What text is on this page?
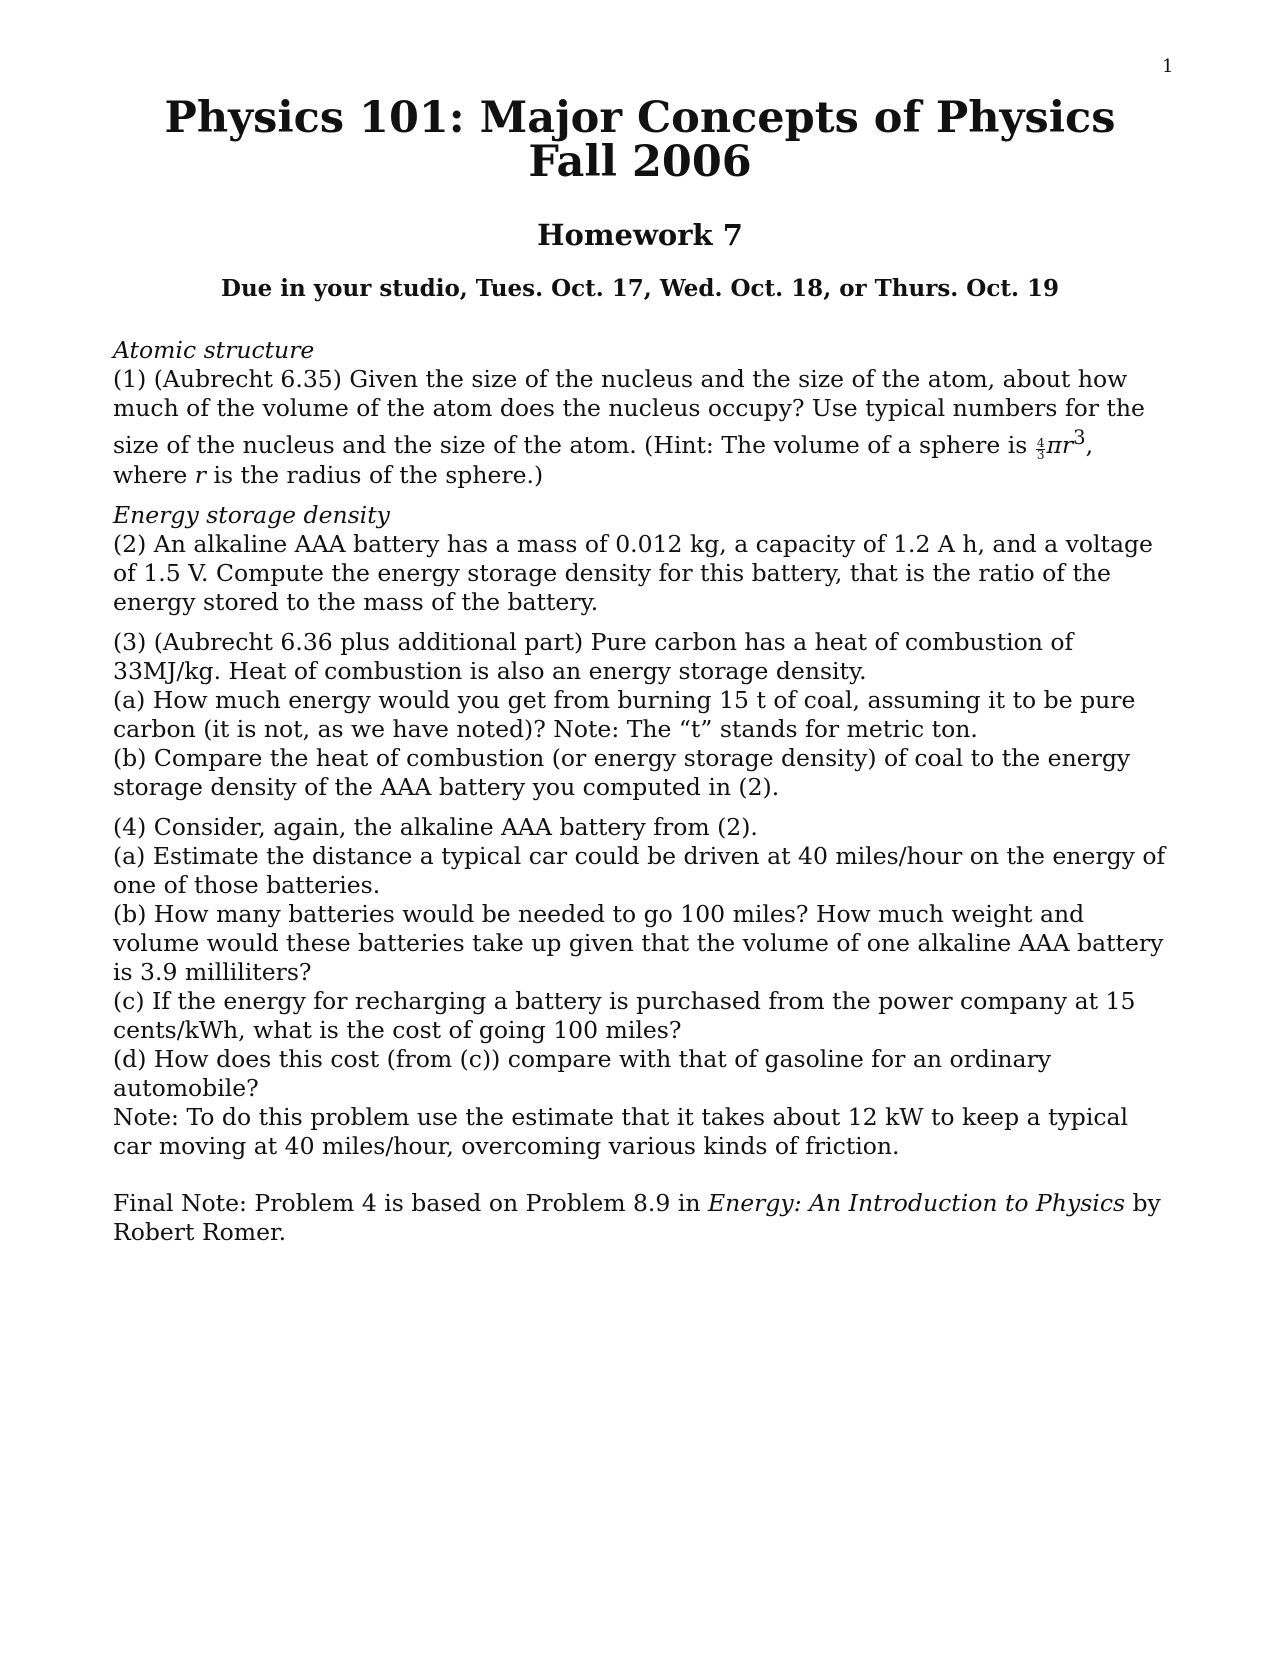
1
Physics 101: Major Concepts of Physics
Fall 2006
Homework 7
Due in your studio, Tues. Oct. 17, Wed. Oct. 18, or Thurs. Oct. 19

Atomic structure

(1) (Aubrecht 6.35) Given the size of the nucleus and the size of the atom, about how much of the volume of the atom does the nucleus occupy? Use typical numbers for the size of the nucleus and the size of the atom. (Hint: The volume of a sphere is $\frac{4}{3} \pi r^3$, where r is the radius of the sphere.)

Energy storage density

(2) An alkaline AAA battery has a mass of 0.012 kg, a capacity of 1.2 A h, and a voltage of 1.5 V. Compute the energy storage density for this battery, that is the ratio of the energy stored to the mass of the battery.

(3) (Aubrecht 6.36 plus additional part) Pure carbon has a heat of combustion of 33MJ/kg. Heat of combustion is also an energy storage density.

(a) How much energy would you get from burning 15 t of coal, assuming it to be pure carbon (it is not, as we have noted)? Note: The “t” stands for metric ton.

(b) Compare the heat of combustion (or energy storage density) of coal to the energy storage density of the AAA battery you computed in (2).

(4) Consider, again, the alkaline AAA battery from (2).

(a) Estimate the distance a typical car could be driven at 40 miles/hour on the energy of one of those batteries.

(b) How many batteries would be needed to go 100 miles? How much weight and volume would these batteries take up given that the volume of one alkaline AAA battery is 3.9 milliliters?

(c) If the energy for recharging a battery is purchased from the power company at 15 cents/kWh, what is the cost of going 100 miles?

(d) How does this cost (from (c)) compare with that of gasoline for an ordinary automobile?

Note: To do this problem use the estimate that it takes about 12 kW to keep a typical car moving at 40 miles/hour, overcoming various kinds of friction.

Final Note: Problem 4 is based on Problem 8.9 in Energy: An Introduction to Physics by Robert Romer.
